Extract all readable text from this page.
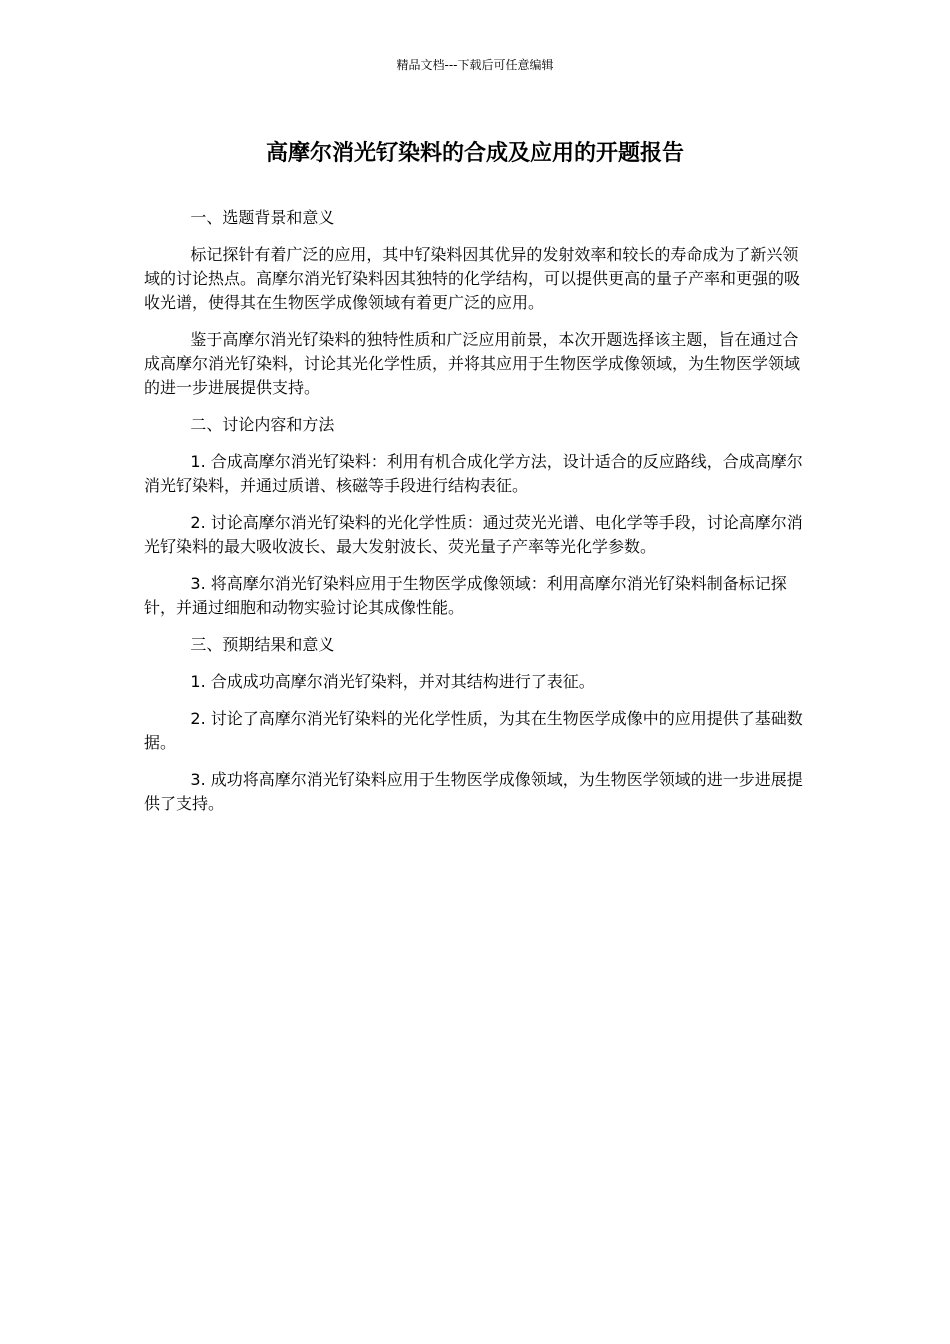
精品文档---下载后可任意编辑
高摩尔消光钌染料的合成及应用的开题报告

一、选题背景和意义

标记探针有着广泛的应用，其中钌染料因其优异的发射效率和较长的寿命成为了新兴领域的讨论热点。高摩尔消光钌染料因其独特的化学结构，可以提供更高的量子产率和更强的吸收光谱，使得其在生物医学成像领域有着更广泛的应用。

鉴于高摩尔消光钌染料的独特性质和广泛应用前景，本次开题选择该主题，旨在通过合成高摩尔消光钌染料，讨论其光化学性质，并将其应用于生物医学成像领域，为生物医学领域的进一步进展提供支持。

二、讨论内容和方法

1. 合成高摩尔消光钌染料：利用有机合成化学方法，设计适合的反应路线，合成高摩尔消光钌染料，并通过质谱、核磁等手段进行结构表征。

2. 讨论高摩尔消光钌染料的光化学性质：通过荧光光谱、电化学等手段，讨论高摩尔消光钌染料的最大吸收波长、最大发射波长、荧光量子产率等光化学参数。

3. 将高摩尔消光钌染料应用于生物医学成像领域：利用高摩尔消光钌染料制备标记探针，并通过细胞和动物实验讨论其成像性能。

三、预期结果和意义

1. 合成成功高摩尔消光钌染料，并对其结构进行了表征。

2. 讨论了高摩尔消光钌染料的光化学性质，为其在生物医学成像中的应用提供了基础数据。

3. 成功将高摩尔消光钌染料应用于生物医学成像领域，为生物医学领域的进一步进展提供了支持。
